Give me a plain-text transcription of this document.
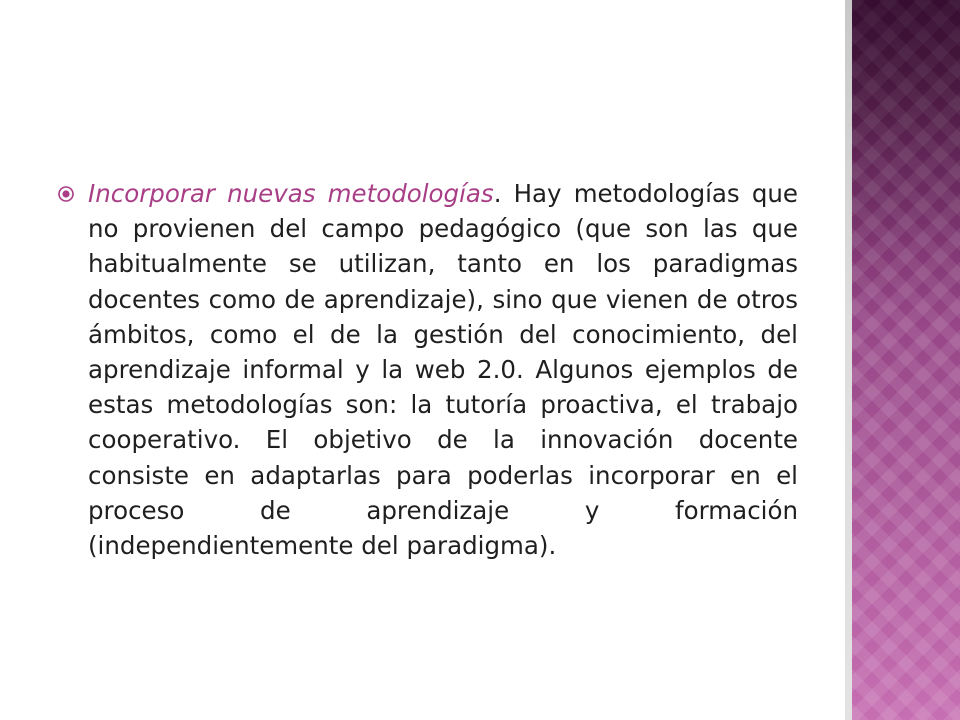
Incorporar nuevas metodologías. Hay metodologías que no provienen del campo pedagógico (que son las que habitualmente se utilizan, tanto en los paradigmas docentes como de aprendizaje), sino que vienen de otros ámbitos, como el de la gestión del conocimiento, del aprendizaje informal y la web 2.0. Algunos ejemplos de estas metodologías son: la tutoría proactiva, el trabajo cooperativo. El objetivo de la innovación docente consiste en adaptarlas para poderlas incorporar en el proceso de aprendizaje y formación (independientemente del paradigma).
